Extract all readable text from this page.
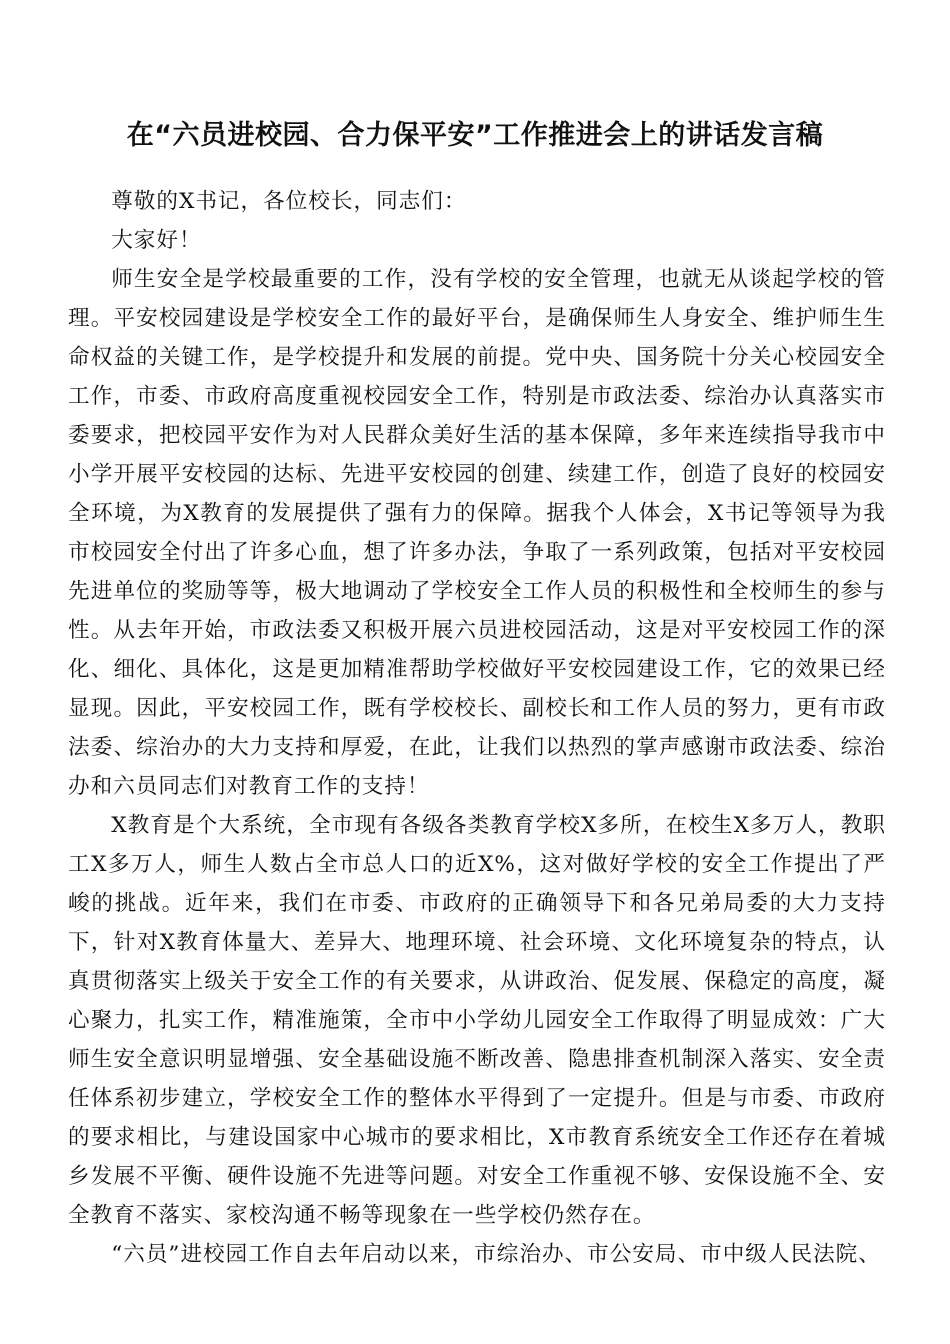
在“六员进校园、合力保平安”工作推进会上的讲话发言稿

尊敬的X书记，各位校长，同志们：

大家好！

师生安全是学校最重要的工作，没有学校的安全管理，也就无从谈起学校的管理。平安校园建设是学校安全工作的最好平台，是确保师生人身安全、维护师生生命权益的关键工作，是学校提升和发展的前提。党中央、国务院十分关心校园安全工作，市委、市政府高度重视校园安全工作，特别是市政法委、综治办认真落实市委要求，把校园平安作为对人民群众美好生活的基本保障，多年来连续指导我市中小学开展平安校园的达标、先进平安校园的创建、续建工作，创造了良好的校园安全环境，为X教育的发展提供了强有力的保障。据我个人体会，X书记等领导为我市校园安全付出了许多心血，想了许多办法，争取了一系列政策，包括对平安校园先进单位的奖励等等，极大地调动了学校安全工作人员的积极性和全校师生的参与性。从去年开始，市政法委又积极开展六员进校园活动，这是对平安校园工作的深化、细化、具体化，这是更加精准帮助学校做好平安校园建设工作，它的效果已经显现。因此，平安校园工作，既有学校校长、副校长和工作人员的努力，更有市政法委、综治办的大力支持和厚爱，在此，让我们以热烈的掌声感谢市政法委、综治办和六员同志们对教育工作的支持！

X教育是个大系统，全市现有各级各类教育学校X多所，在校生X多万人，教职工X多万人，师生人数占全市总人口的近X%，这对做好学校的安全工作提出了严峻的挑战。近年来，我们在市委、市政府的正确领导下和各兄弟局委的大力支持下，针对X教育体量大、差异大、地理环境、社会环境、文化环境复杂的特点，认真贯彻落实上级关于安全工作的有关要求，从讲政治、促发展、保稳定的高度，凝心聚力，扎实工作，精准施策，全市中小学幼儿园安全工作取得了明显成效：广大师生安全意识明显增强、安全基础设施不断改善、隐患排查机制深入落实、安全责任体系初步建立，学校安全工作的整体水平得到了一定提升。但是与市委、市政府的要求相比，与建设国家中心城市的要求相比，X市教育系统安全工作还存在着城乡发展不平衡、硬件设施不先进等问题。对安全工作重视不够、安保设施不全、安全教育不落实、家校沟通不畅等现象在一些学校仍然存在。

“六员”进校园工作自去年启动以来，市综治办、市公安局、市中级人民法院、
